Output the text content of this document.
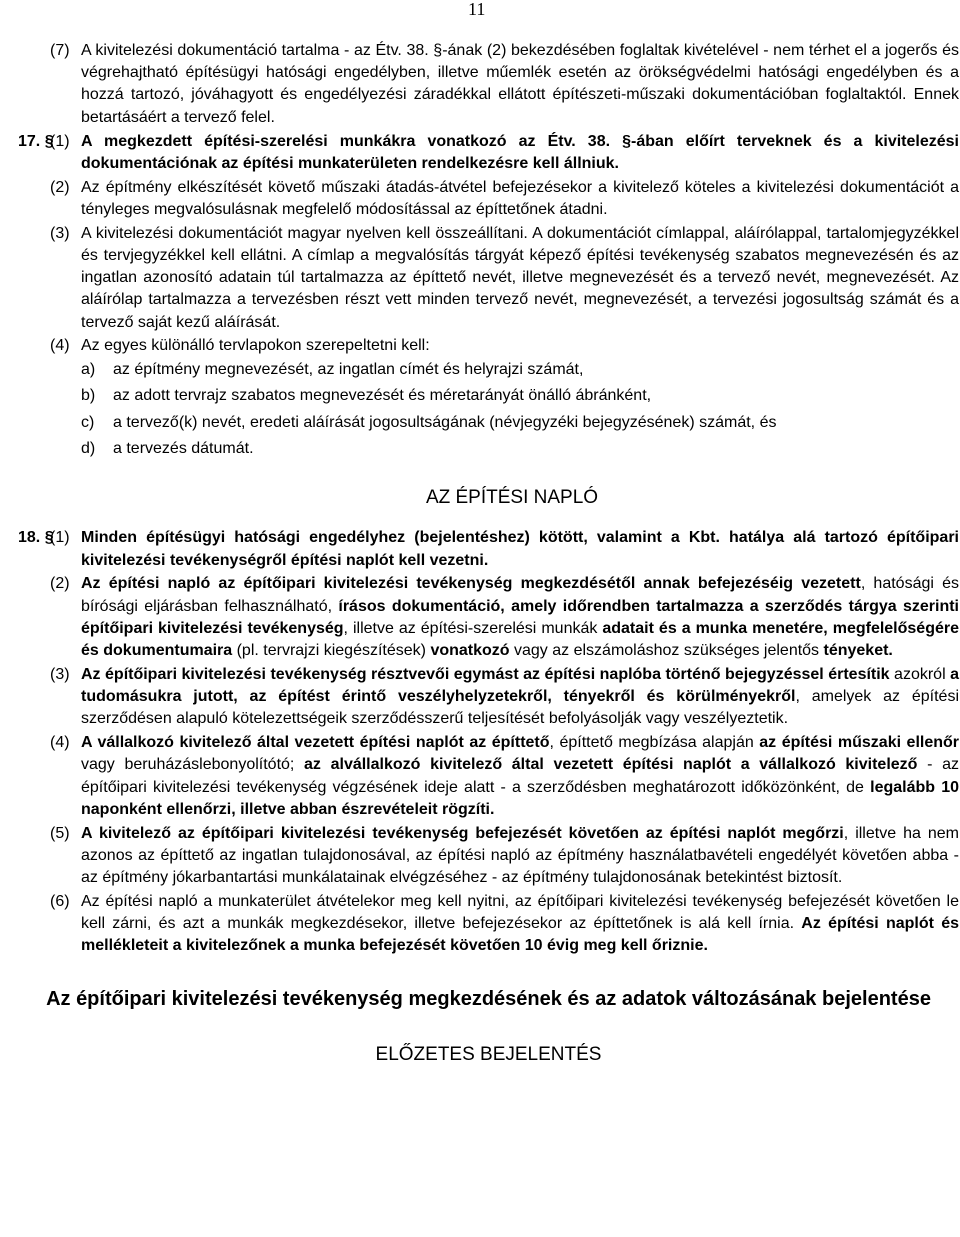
11
(7) A kivitelezési dokumentáció tartalma - az Étv. 38. §-ának (2) bekezdésében foglaltak kivételével - nem térhet el a jogerős és végrehajtható építésügyi hatósági engedélyben, illetve műemlék esetén az örökségvédelmi hatósági engedélyben és a hozzá tartozó, jóváhagyott és engedélyezési záradékkal ellátott építészeti-műszaki dokumentációban foglaltaktól. Ennek betartásáért a tervező felel.
17. §
(1) A megkezdett építési-szerelési munkákra vonatkozó az Étv. 38. §-ában előírt terveknek és a kivitelezési dokumentációnak az építési munkaterületen rendelkezésre kell állniuk.
(2) Az építmény elkészítését követő műszaki átadás-átvétel befejezésekor a kivitelező köteles a kivitelezési dokumentációt a tényleges megvalósulásnak megfelelő módosítással az építtetőnek átadni.
(3) A kivitelezési dokumentációt magyar nyelven kell összeállítani. A dokumentációt címlappal, aláírólappal, tartalomjegyzékkel és tervjegyzékkel kell ellátni. A címlap a megvalósítás tárgyát képező építési tevékenység szabatos megnevezésén és az ingatlan azonosító adatain túl tartalmazza az építtető nevét, illetve megnevezését és a tervező nevét, megnevezését. Az aláírólap tartalmazza a tervezésben részt vett minden tervező nevét, megnevezését, a tervezési jogosultság számát és a tervező saját kezű aláírását.
(4) Az egyes különálló tervlapokon szerepeltetni kell:
a) az építmény megnevezését, az ingatlan címét és helyrajzi számát,
b) az adott tervrajz szabatos megnevezését és méretarányát önálló ábránként,
c) a tervező(k) nevét, eredeti aláírását jogosultságának (névjegyzéki bejegyzésének) számát, és
d) a tervezés dátumát.
AZ ÉPÍTÉSI NAPLÓ
18. §
(1) Minden építésügyi hatósági engedélyhez (bejelentéshez) kötött, valamint a Kbt. hatálya alá tartozó építőipari kivitelezési tevékenységről építési naplót kell vezetni.
(2) Az építési napló az építőipari kivitelezési tevékenység megkezdésétől annak befejezéséig vezetett, hatósági és bírósági eljárásban felhasználható, írásos dokumentáció, amely időrendben tartalmazza a szerződés tárgya szerinti építőipari kivitelezési tevékenység, illetve az építési-szerelési munkák adatait és a munka menetére, megfelelőségére és dokumentumaira (pl. tervrajzi kiegészítések) vonatkozó vagy az elszámoláshoz szükséges jelentős tényeket.
(3) Az építőipari kivitelezési tevékenység résztvevői egymást az építési naplóba történő bejegyzéssel értesítik azokról a tudomásukra jutott, az építést érintő veszélyhelyzetekről, tényekről és körülményekről, amelyek az építési szerződésen alapuló kötelezettségeik szerződésszerű teljesítését befolyásolják vagy veszélyeztetik.
(4) A vállalkozó kivitelező által vezetett építési naplót az építtető, építtető megbízása alapján az építési műszaki ellenőr vagy beruházáslebonyolítótó; az alvállalkozó kivitelező által vezetett építési naplót a vállalkozó kivitelező - az építőipari kivitelezési tevékenység végzésének ideje alatt - a szerződésben meghatározott időközönként, de legalább 10 naponként ellenőrzi, illetve abban észrevételeit rögzíti.
(5) A kivitelező az építőipari kivitelezési tevékenység befejezését követően az építési naplót megőrzi, illetve ha nem azonos az építtető az ingatlan tulajdonosával, az építési napló az építmény használatbavételi engedélyét követően abba - az építmény jókarbantartási munkálatainak elvégzéséhez - az építmény tulajdonosának betekintést biztosít.
(6) Az építési napló a munkaterület átvételekor meg kell nyitni, az építőipari kivitelezési tevékenység befejezését követően le kell zárni, és azt a munkák megkezdésekor, illetve befejezésekor az építtetőnek is alá kell írnia. Az építési naplót és mellékleteit a kivitelezőnek a munka befejezését követően 10 évig meg kell őriznie.
Az építőipari kivitelezési tevékenység megkezdésének és az adatok változásának bejelentése
ELŐZETES BEJELENTÉS
